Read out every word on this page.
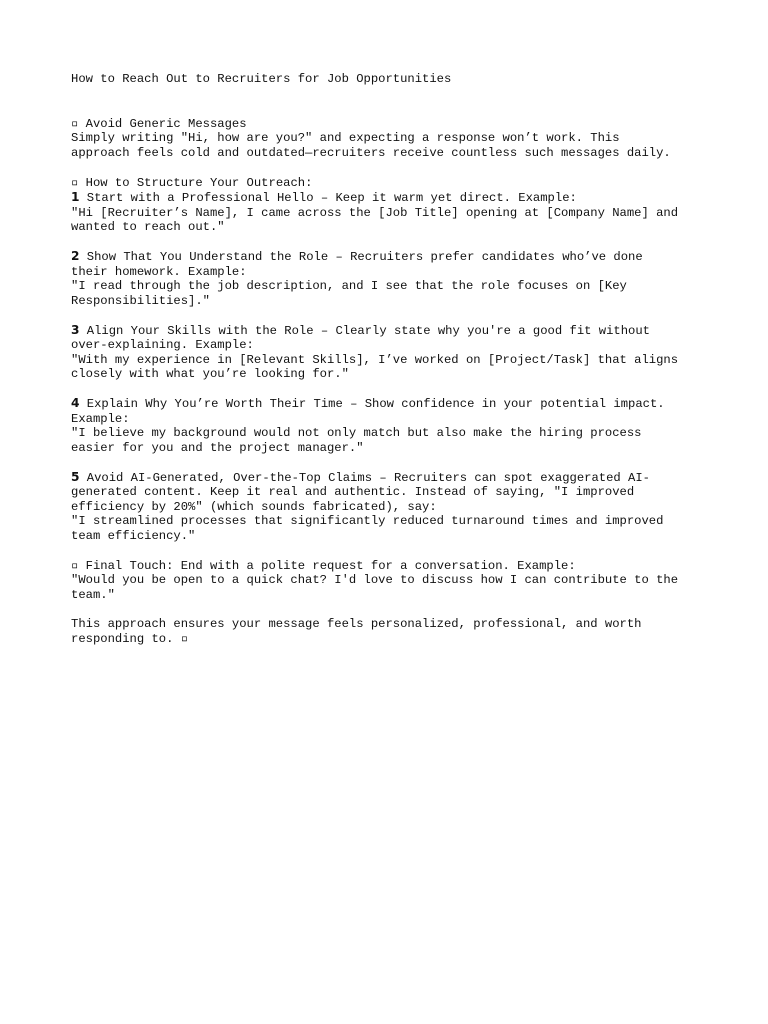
How to Reach Out to Recruiters for Job Opportunities
▫ Avoid Generic Messages
Simply writing "Hi, how are you?" and expecting a response won’t work. This
approach feels cold and outdated—recruiters receive countless such messages daily.
▫ How to Structure Your Outreach:
1 Start with a Professional Hello – Keep it warm yet direct. Example:
"Hi [Recruiter’s Name], I came across the [Job Title] opening at [Company Name] and
wanted to reach out."
2 Show That You Understand the Role – Recruiters prefer candidates who’ve done
their homework. Example:
"I read through the job description, and I see that the role focuses on [Key
Responsibilities]."
3 Align Your Skills with the Role – Clearly state why you're a good fit without
over-explaining. Example:
"With my experience in [Relevant Skills], I’ve worked on [Project/Task] that aligns
closely with what you’re looking for."
4 Explain Why You’re Worth Their Time – Show confidence in your potential impact.
Example:
"I believe my background would not only match but also make the hiring process
easier for you and the project manager."
5 Avoid AI-Generated, Over-the-Top Claims – Recruiters can spot exaggerated AI-
generated content. Keep it real and authentic. Instead of saying, "I improved
efficiency by 20%" (which sounds fabricated), say:
"I streamlined processes that significantly reduced turnaround times and improved
team efficiency."
▫ Final Touch: End with a polite request for a conversation. Example:
"Would you be open to a quick chat? I'd love to discuss how I can contribute to the
team."
This approach ensures your message feels personalized, professional, and worth
responding to. ▫
